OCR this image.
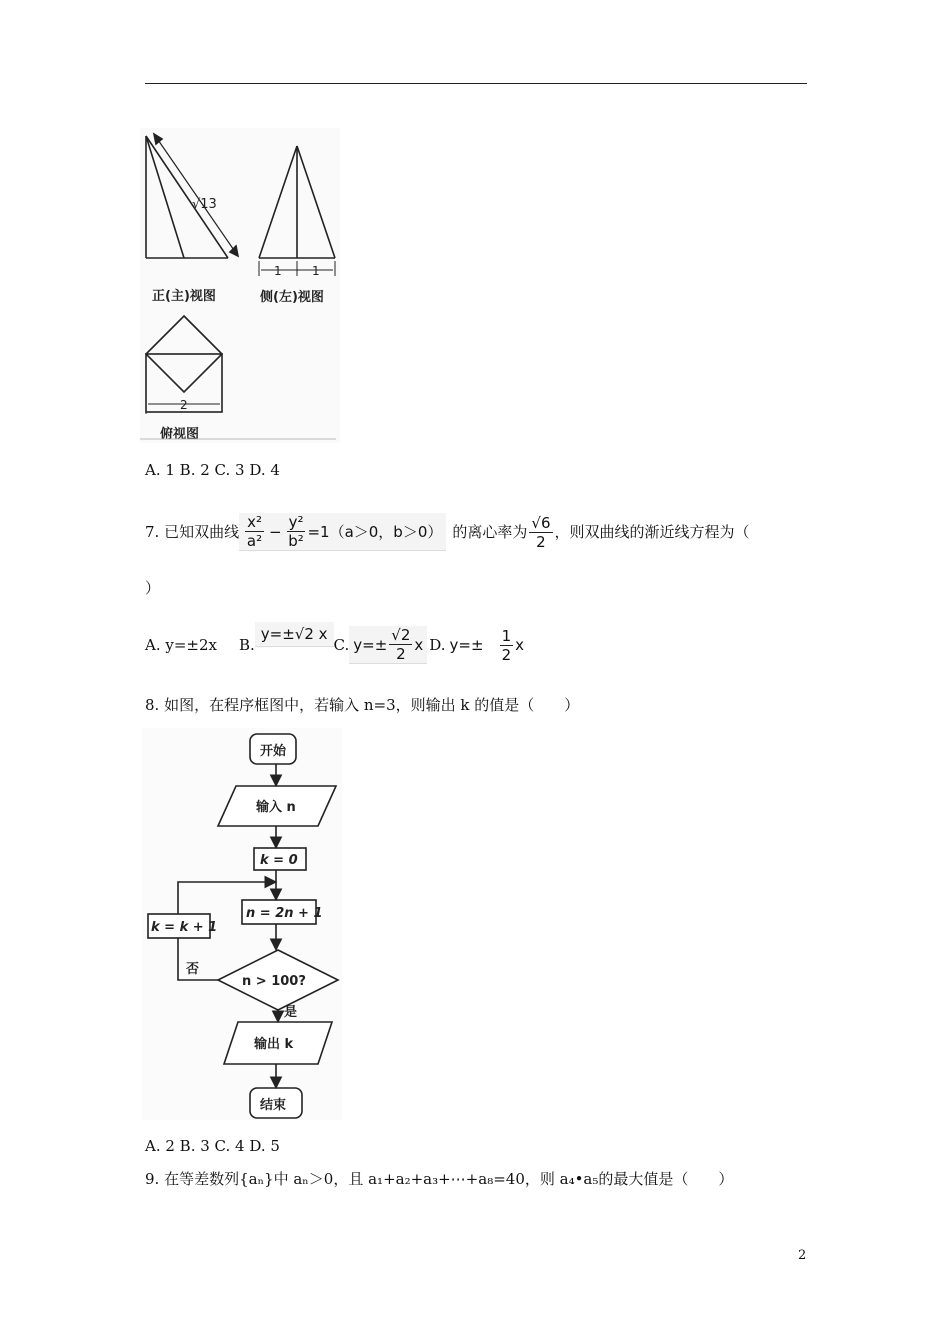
√13
正(主)视图
1	1
侧(左)视图
2
俯视图
A. 1 B. 2 C. 3 D. 4
7. 已知双曲线 $\frac{\text{x²}}{\text{a²}} - \frac{\text{y²}}{\text{b²}} =1(a>0$，b＞0） 的离心率为 $\frac{√6}{2}$ ，则双曲线的渐近线方程为（
）
A. y=±2x B.
y=±√2 x
C. $y=\pm \frac{√2}{2}$ x D. $y=\pm \frac{1}{2}$ x
8. 如图，在程序框图中，若输入 n=3，则输出 k 的值是（　　）
开始
输入 n
k = 0
n = 2n + 1
k = k + 1
n > 100?
否
是
输出 k
结束
A. 2 B. 3 C. 4 D. 5
9. 在等差数列{aₙ}中 aₙ＞0，且 a₁+a₂+a₃+⋯+a₈=40，则 a₄•a₅的最大值是（　　）
2
